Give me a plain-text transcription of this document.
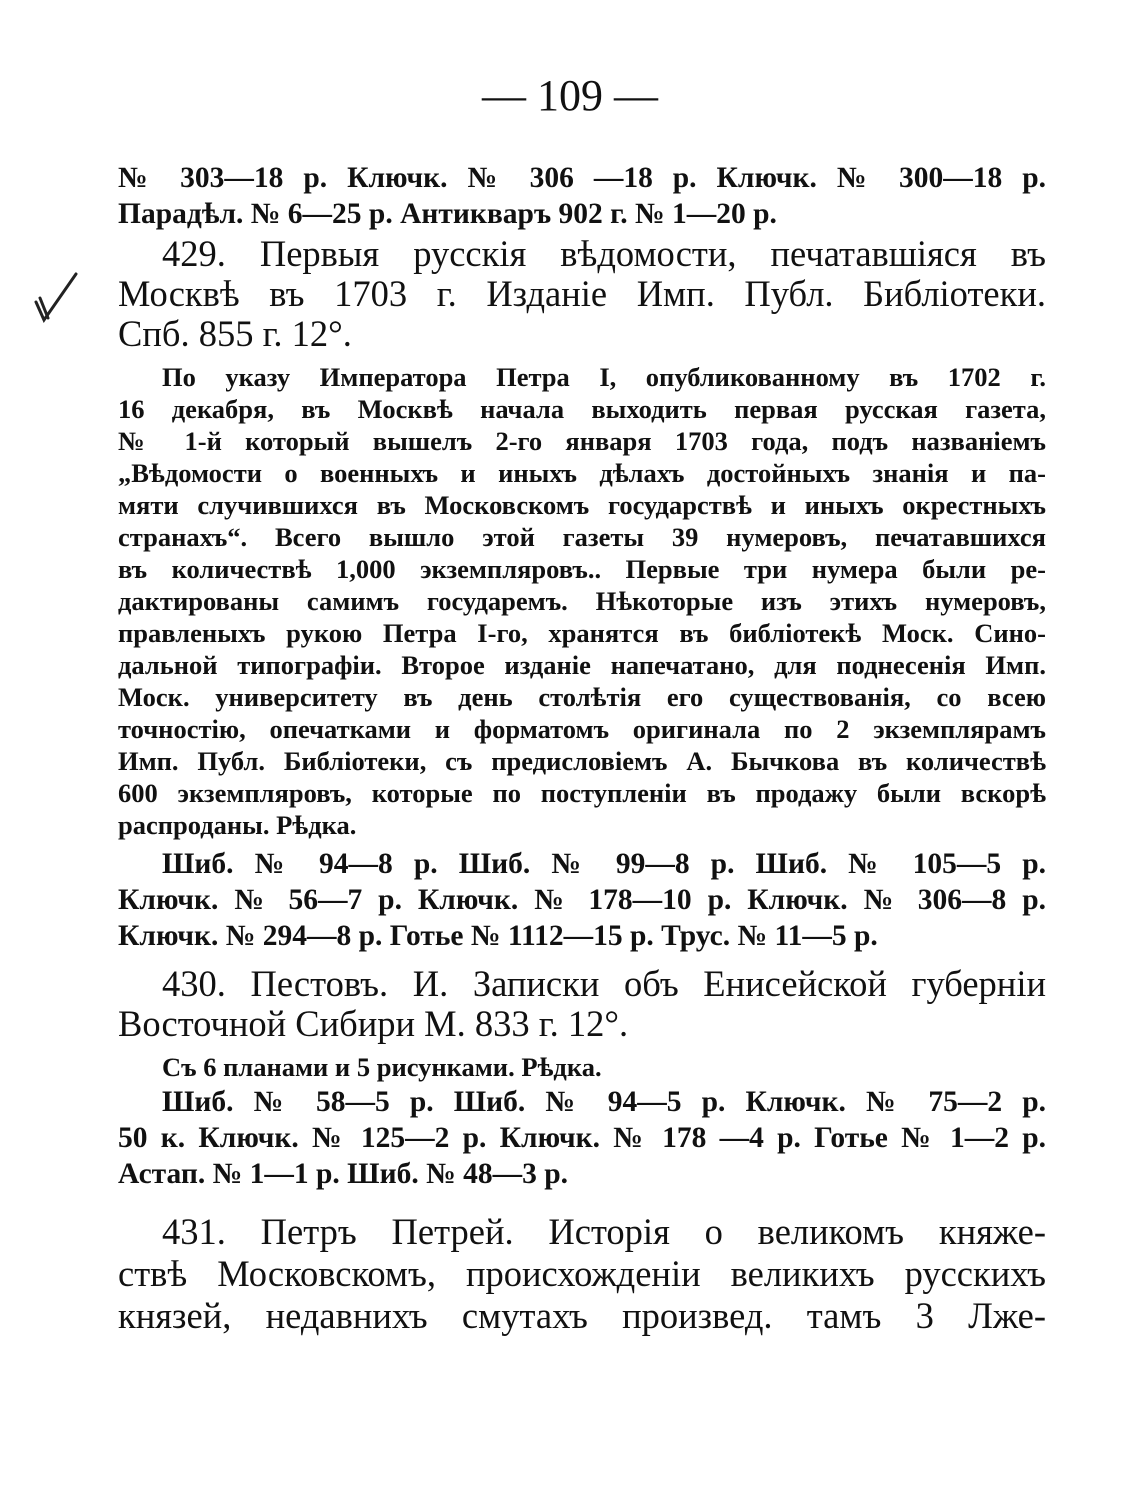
— 109 —
№ 303—18 р. Ключк. № 306 —18 р. Ключк. № 300—18 р.
Парадѣл. № 6—25 р. Антикваръ 902 г. № 1—20 р.
429. Первыя русскія вѣдомости, печатавшіяся въ
Москвѣ въ 1703 г. Изданіе Имп. Публ. Библіотеки.
Спб. 855 г. 12°.
По указу Императора Петра I, опубликованному въ 1702 г.
16 декабря, въ Москвѣ начала выходить первая русская газета,
№ 1-й который вышелъ 2-го января 1703 года, подъ названіемъ
„Вѣдомости о военныхъ и иныхъ дѣлахъ достойныхъ знанія и па-
мяти случившихся въ Московскомъ государствѣ и иныхъ окрестныхъ
странахъ“. Всего вышло этой газеты 39 нумеровъ, печатавшихся
въ количествѣ 1,000 экземпляровъ.. Первые три нумера были ре-
дактированы самимъ государемъ. Нѣкоторые изъ этихъ нумеровъ,
правленыхъ рукою Петра I-го, хранятся въ библіотекѣ Моск. Сино-
дальной типографіи. Второе изданіе напечатано, для поднесенія Имп.
Моск. университету въ день столѣтія его существованія, со всею
точностію, опечатками и форматомъ оригинала по 2 экземплярамъ
Имп. Публ. Библіотеки, съ предисловіемъ А. Бычкова въ количествѣ
600 экземпляровъ, которые по поступленіи въ продажу были вскорѣ
распроданы. Рѣдка.
Шиб. № 94—8 р. Шиб. № 99—8 р. Шиб. № 105—5 р.
Ключк. № 56—7 р. Ключк. № 178—10 р. Ключк. № 306—8 р.
Ключк. № 294—8 р. Готье № 1112—15 р. Трус. № 11—5 р.
430. Пестовъ. И. Записки объ Енисейской губерніи
Восточной Сибири М. 833 г. 12°.
Съ 6 планами и 5 рисунками. Рѣдка.
Шиб. № 58—5 р. Шиб. № 94—5 р. Ключк. № 75—2 р.
50 к. Ключк. № 125—2 р. Ключк. № 178 —4 р. Готье № 1—2 р.
Астап. № 1—1 р. Шиб. № 48—3 р.
431. Петръ Петрей. Исторія о великомъ княже-
ствѣ Московскомъ, происхожденіи великихъ русскихъ
князей, недавнихъ смутахъ произвед. тамъ 3 Лже-
